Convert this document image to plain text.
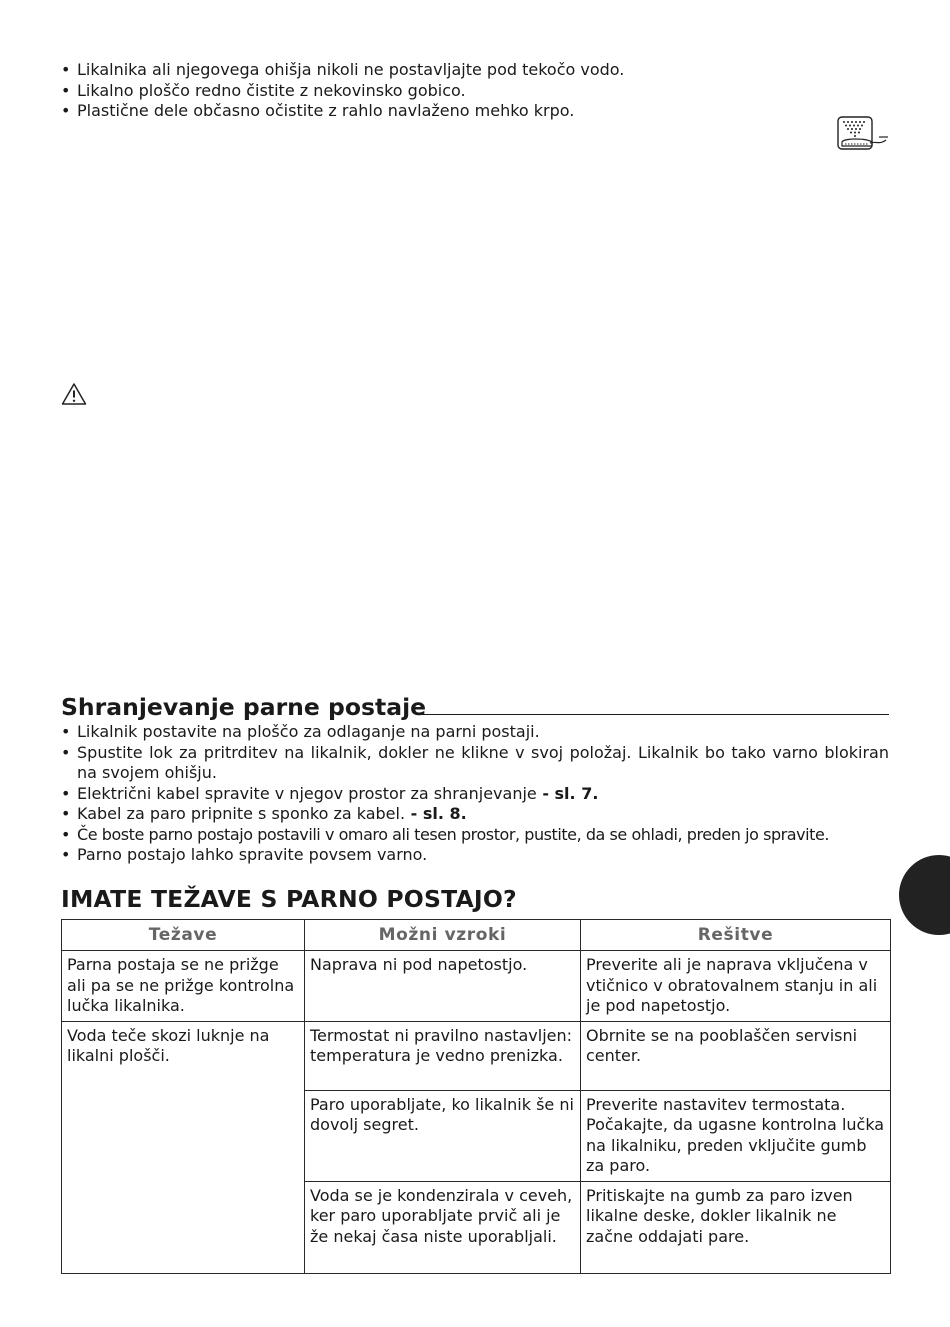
• Likalnika ali njegovega ohišja nikoli ne postavljajte pod tekočo vodo.
• Likalno ploščo redno čistite z nekovinsko gobico.
• Plastične dele občasno očistite z rahlo navlaženo mehko krpo.
Shranjevanje parne postaje
• Likalnik postavite na ploščo za odlaganje na parni postaji.
• Spustite lok za pritrditev na likalnik, dokler ne klikne v svoj položaj. Likalnik bo tako varno blokiran na svojem ohišju.
• Električni kabel spravite v njegov prostor za shranjevanje - sl. 7.
• Kabel za paro pripnite s sponko za kabel. - sl. 8.
• Če boste parno postajo postavili v omaro ali tesen prostor, pustite, da se ohladi, preden jo spravite.
• Parno postajo lahko spravite povsem varno.
IMATE TEŽAVE S PARNO POSTAJO?
Težave	Možni vzroki	Rešitve
Parna postaja se ne prižge ali pa se ne prižge kontrolna lučka likalnika.	Naprava ni pod napetostjo.	Preverite ali je naprava vključena v vtičnico v obratovalnem stanju in ali je pod napetostjo.
Voda teče skozi luknje na likalni plošči.	Termostat ni pravilno nastavljen: temperatura je vedno prenizka.	Obrnite se na pooblaščen servisni center.
	Paro uporabljate, ko likalnik še ni dovolj segret.	Preverite nastavitev termostata. Počakajte, da ugasne kontrolna lučka na likalniku, preden vključite gumb za paro.
	Voda se je kondenzirala v ceveh, ker paro uporabljate prvič ali je že nekaj časa niste uporabljali.	Pritiskajte na gumb za paro izven likalne deske, dokler likalnik ne začne oddajati pare.
